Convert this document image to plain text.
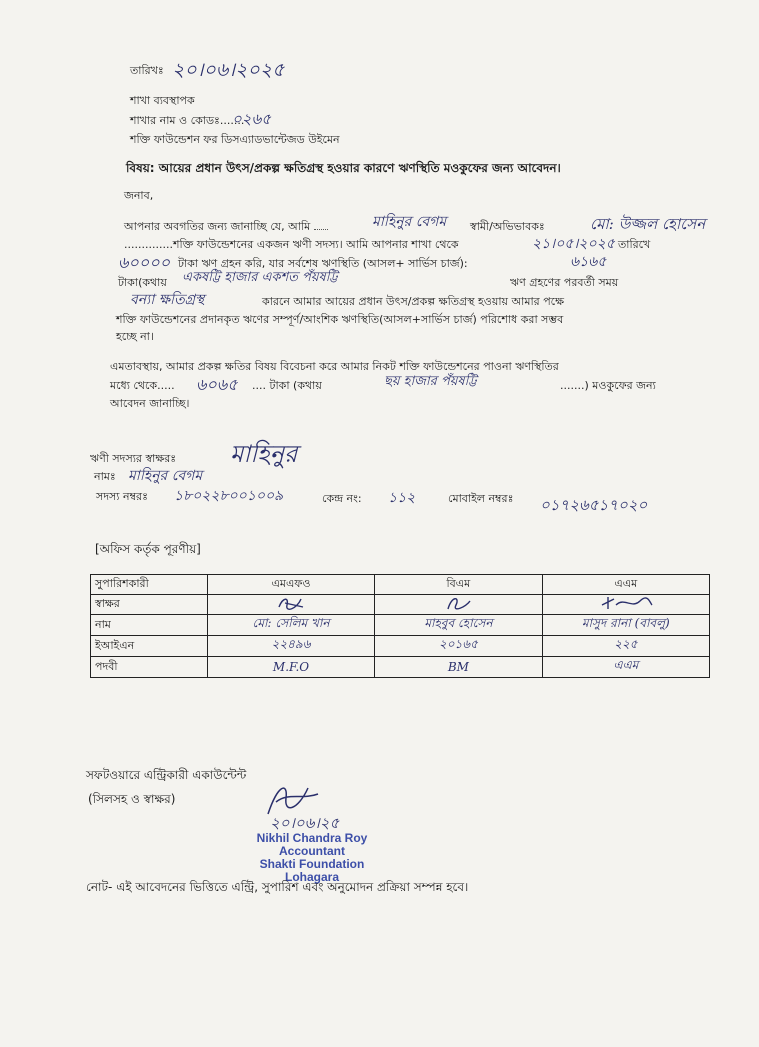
তারিখঃ ২০।০৬।২০২৫
শাখা ব্যবস্থাপক
শাখার নাম ও কোডঃ.......
০২৬৫
শক্তি ফাউন্ডেশন ফর ডিসএ্যাডভান্টেজড উইমেন
বিষয়: আয়ের প্রধান উৎস/প্রকল্প ক্ষতিগ্রস্থ হওয়ার কারণে ঋণস্থিতি মওকুফের জন্য আবেদন।
জনাব,
আপনার অবগতির জন্য জানাচ্ছি যে, আমি	মাহিনুর বেগম স্বামী/অভিভাবকঃ	মো: উজ্জল হোসেন
..............শক্তি ফাউন্ডেশনের একজন ঋণী সদস্য। আমি আপনার শাখা থেকে	২১।০৫।২০২৫ তারিখে
৬০০০০ টাকা ঋণ গ্রহন করি, যার সর্বশেষ ঋণস্থিতি (আসল+ সার্ভিস চার্জ):	৬১৬৫
টাকা(কথায় একষট্টি হাজার একশত পঁয়ষট্টি	ঋণ গ্রহণের পরবর্তী সময়
বন্যা ক্ষতিগ্রস্থ	কারনে আমার আয়ের প্রধান উৎস/প্রকল্প ক্ষতিগ্রস্থ হওয়ায় আমার পক্ষে
শক্তি ফাউন্ডেশনের প্রদানকৃত ঋণের সম্পূর্ণ/আংশিক ঋণস্থিতি(আসল+সার্ভিস চার্জ) পরিশোধ করা সম্ভব
হচ্ছে না।
এমতাবস্থায়, আমার প্রকল্প ক্ষতির বিষয় বিবেচনা করে আমার নিকট শক্তি ফাউন্ডেশনের পাওনা ঋণস্থিতির
মধ্যে থেকে..... ৬০৬৫ .... টাকা (কথায়	ছয় হাজার পঁয়ষট্টি	.......) মওকুফের জন্য
আবেদন জানাচ্ছি।
ঋণী সদস্যর স্বাক্ষরঃ মাহিনুর
নামঃ মাহিনুর বেগম
সদস্য নম্বরঃ ১৮০২২৮০০১০০৯	কেন্দ্র নং: ১১২	মোবাইল নম্বরঃ ০১৭২৬৫১৭০২০
[অফিস কর্তৃক পূরণীয়]
সুপারিশকারী	এমএফও	বিএম	এএম
স্বাক্ষর			
নাম	মো: সেলিম খান	মাহবুব হোসেন	মাসুদ রানা (বাবলু)
ইআইএন	২২৪৯৬	২০১৬৫	২২৫
পদবী	M.F.O	BM	এএম
সফটওয়ারে এন্ট্রিকারী একাউন্টেন্ট
(সিলসহ ও স্বাক্ষর)
২০।০৬।২৫
Nikhil Chandra Roy
Accountant
Shakti Foundation
Lohagara
নোট- এই আবেদনের ভিত্তিতে এন্ট্রি, সুপারিশ এবং অনুমোদন প্রক্রিয়া সম্পন্ন হবে।
